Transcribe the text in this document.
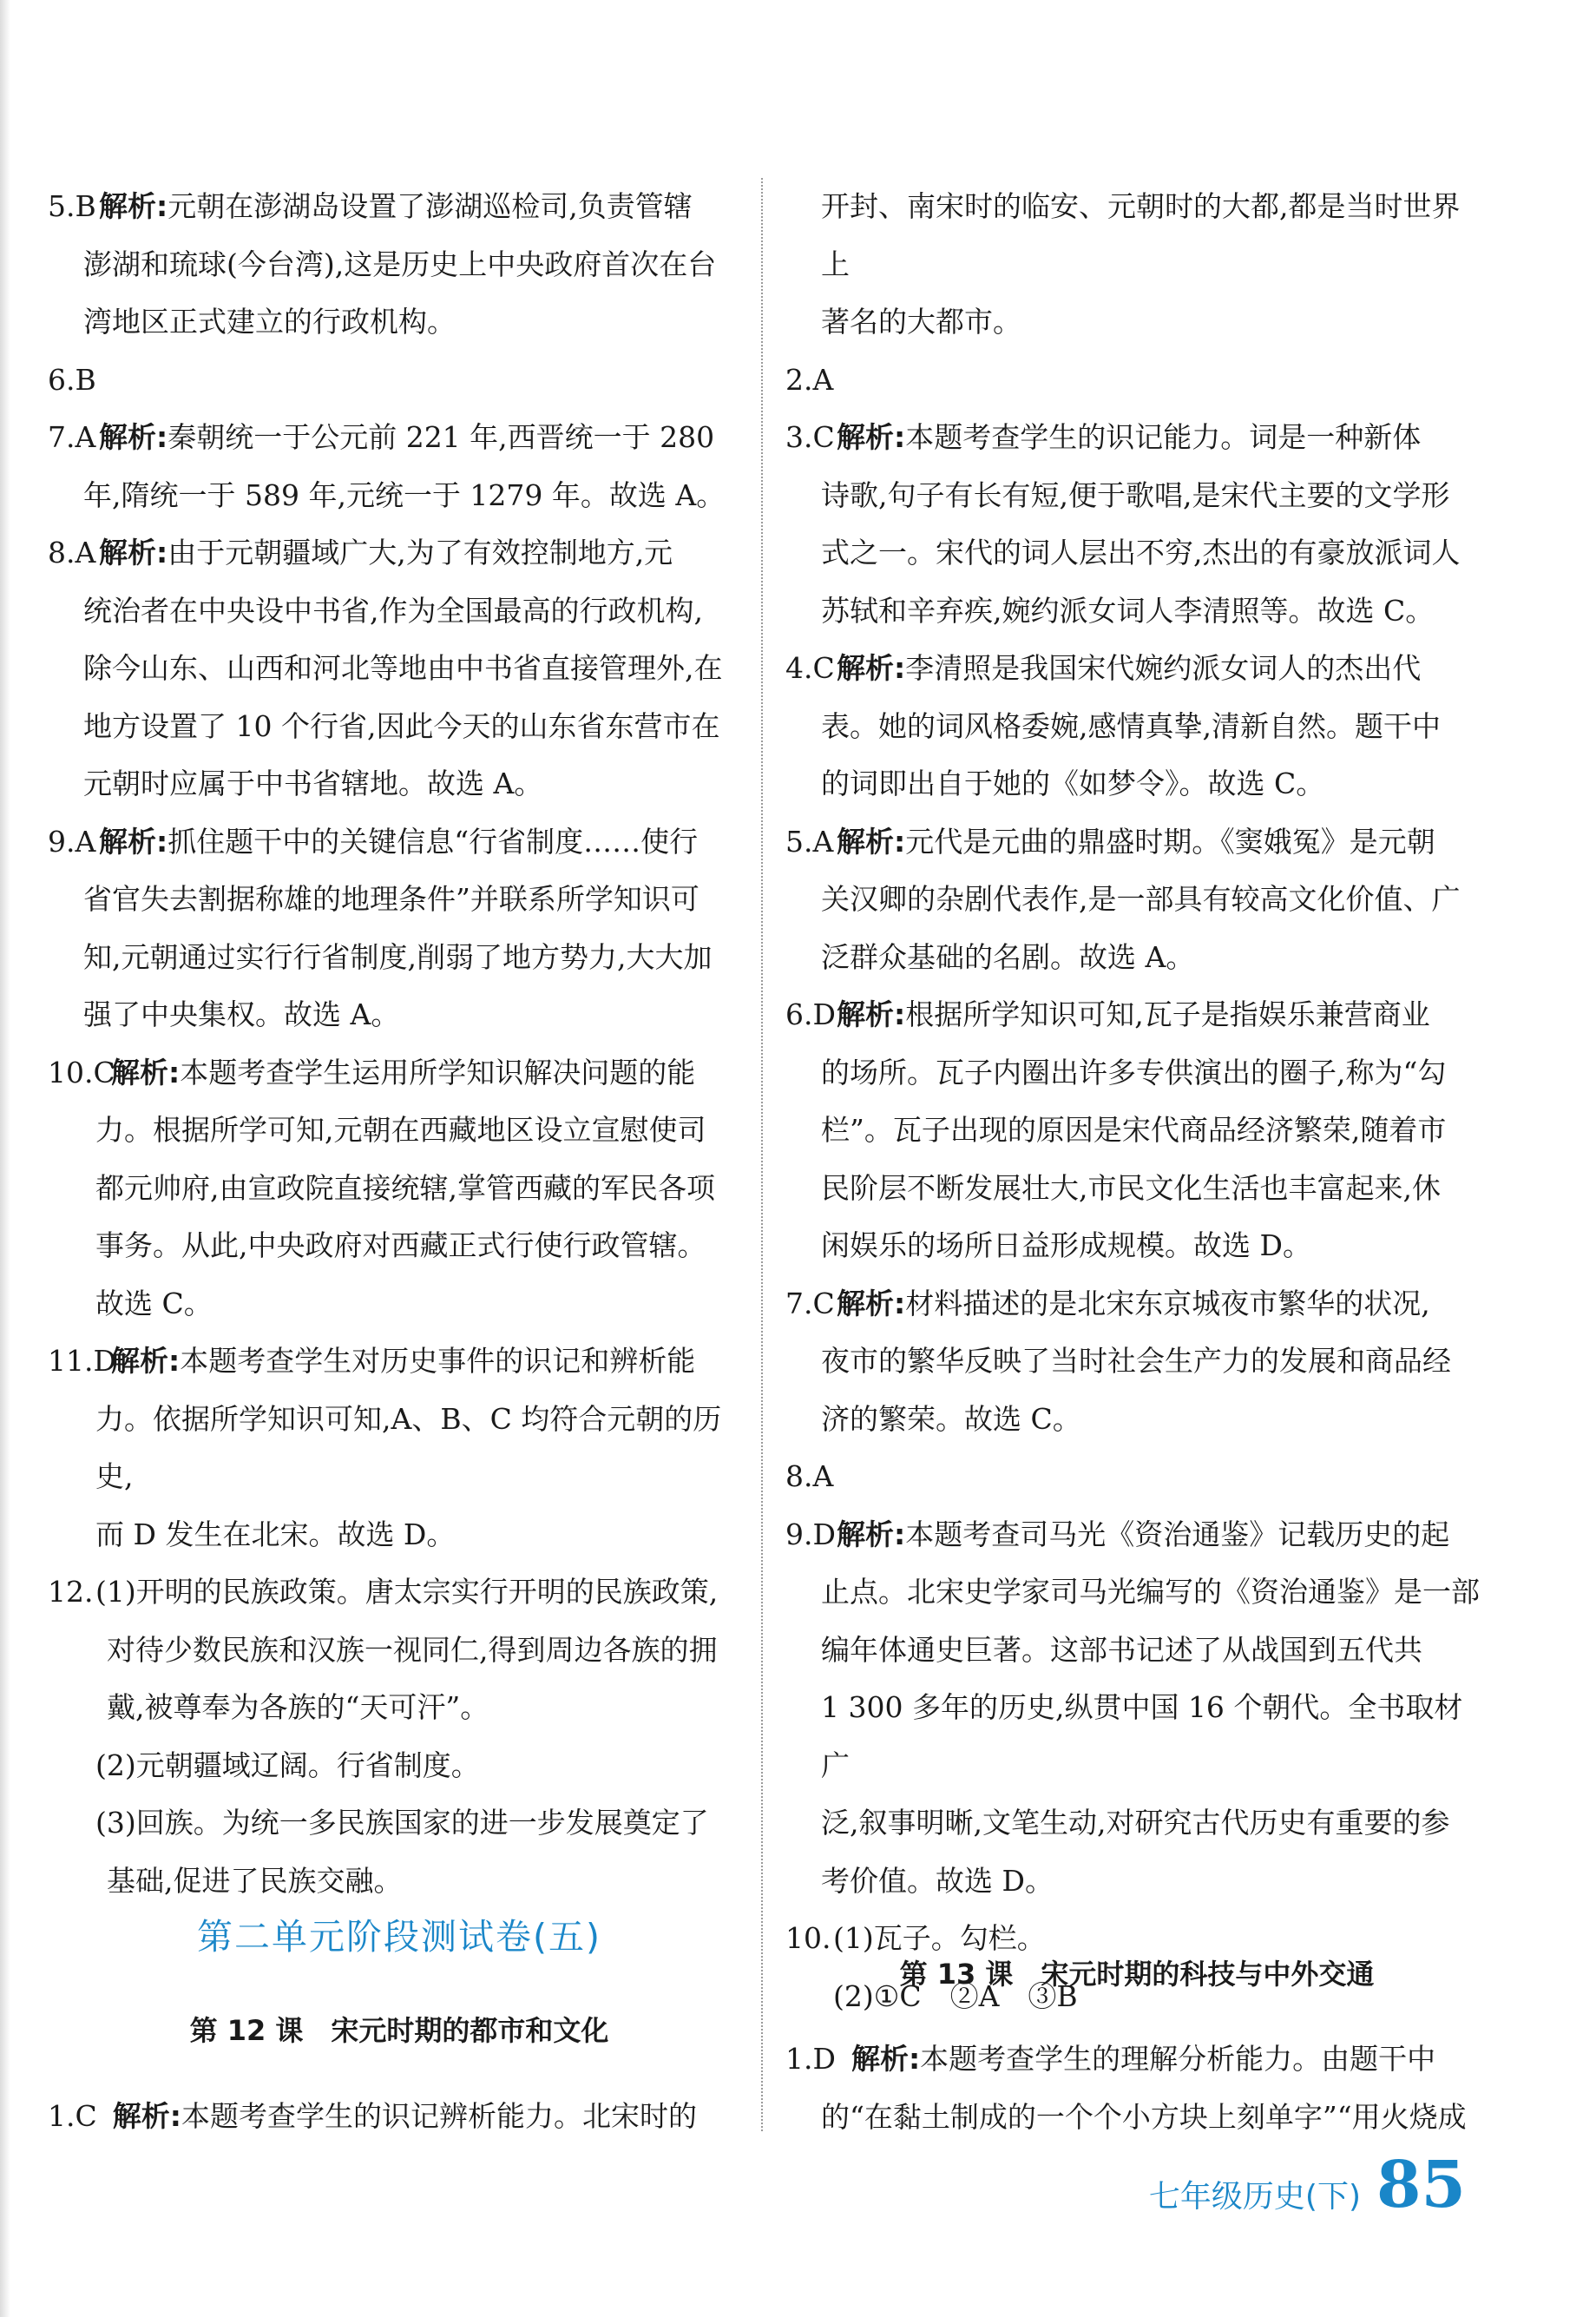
5.B 解析:元朝在澎湖岛设置了澎湖巡检司,负责管辖
澎湖和琉球(今台湾),这是历史上中央政府首次在台
湾地区正式建立的行政机构。
6.B
7.A 解析:秦朝统一于公元前 221 年,西晋统一于 280
年,隋统一于 589 年,元统一于 1279 年。故选 A。
8.A 解析:由于元朝疆域广大,为了有效控制地方,元
统治者在中央设中书省,作为全国最高的行政机构,
除今山东、山西和河北等地由中书省直接管理外,在
地方设置了 10 个行省,因此今天的山东省东营市在
元朝时应属于中书省辖地。故选 A。
9.A 解析:抓住题干中的关键信息“行省制度……使行
省官失去割据称雄的地理条件”并联系所学知识可
知,元朝通过实行行省制度,削弱了地方势力,大大加
强了中央集权。故选 A。
10.C
解析:本题考查学生运用所学知识解决问题的能
力。根据所学可知,元朝在西藏地区设立宣慰使司
都元帅府,由宣政院直接统辖,掌管西藏的军民各项
事务。从此,中央政府对西藏正式行使行政管辖。
故选 C。
11.D
解析:本题考查学生对历史事件的识记和辨析能
力。依据所学知识可知,A、B、C 均符合元朝的历史,
而 D 发生在北宋。故选 D。
12. (1)开明的民族政策。唐太宗实行开明的民族政策,
对待少数民族和汉族一视同仁,得到周边各族的拥
戴,被尊奉为各族的“天可汗”。
(2)元朝疆域辽阔。行省制度。
(3)回族。为统一多民族国家的进一步发展奠定了
基础,促进了民族交融。
第二单元阶段测试卷(五)
第 12 课　宋元时期的都市和文化
1.C 解析:本题考查学生的识记辨析能力。北宋时的
开封、南宋时的临安、元朝时的大都,都是当时世界上
著名的大都市。
2.A
3.C 解析:本题考查学生的识记能力。词是一种新体
诗歌,句子有长有短,便于歌唱,是宋代主要的文学形
式之一。宋代的词人层出不穷,杰出的有豪放派词人
苏轼和辛弃疾,婉约派女词人李清照等。故选 C。
4.C 解析:李清照是我国宋代婉约派女词人的杰出代
表。她的词风格委婉,感情真挚,清新自然。题干中
的词即出自于她的《如梦令》。故选 C。
5.A 解析:元代是元曲的鼎盛时期。《窦娥冤》是元朝
关汉卿的杂剧代表作,是一部具有较高文化价值、广
泛群众基础的名剧。故选 A。
6.D 解析:根据所学知识可知,瓦子是指娱乐兼营商业
的场所。瓦子内圈出许多专供演出的圈子,称为“勾
栏”。瓦子出现的原因是宋代商品经济繁荣,随着市
民阶层不断发展壮大,市民文化生活也丰富起来,休
闲娱乐的场所日益形成规模。故选 D。
7.C 解析:材料描述的是北宋东京城夜市繁华的状况,
夜市的繁华反映了当时社会生产力的发展和商品经
济的繁荣。故选 C。
8.A
9.D 解析:本题考查司马光《资治通鉴》记载历史的起
止点。北宋史学家司马光编写的《资治通鉴》是一部
编年体通史巨著。这部书记述了从战国到五代共
1 300 多年的历史,纵贯中国 16 个朝代。全书取材广
泛,叙事明晰,文笔生动,对研究古代历史有重要的参
考价值。故选 D。
10. (1)瓦子。勾栏。
(2)①C　②A　③B
第 13 课　宋元时期的科技与中外交通
1.D 解析:本题考查学生的理解分析能力。由题干中
的“在黏土制成的一个个小方块上刻单字”“用火烧成
七年级历史(下) 85
